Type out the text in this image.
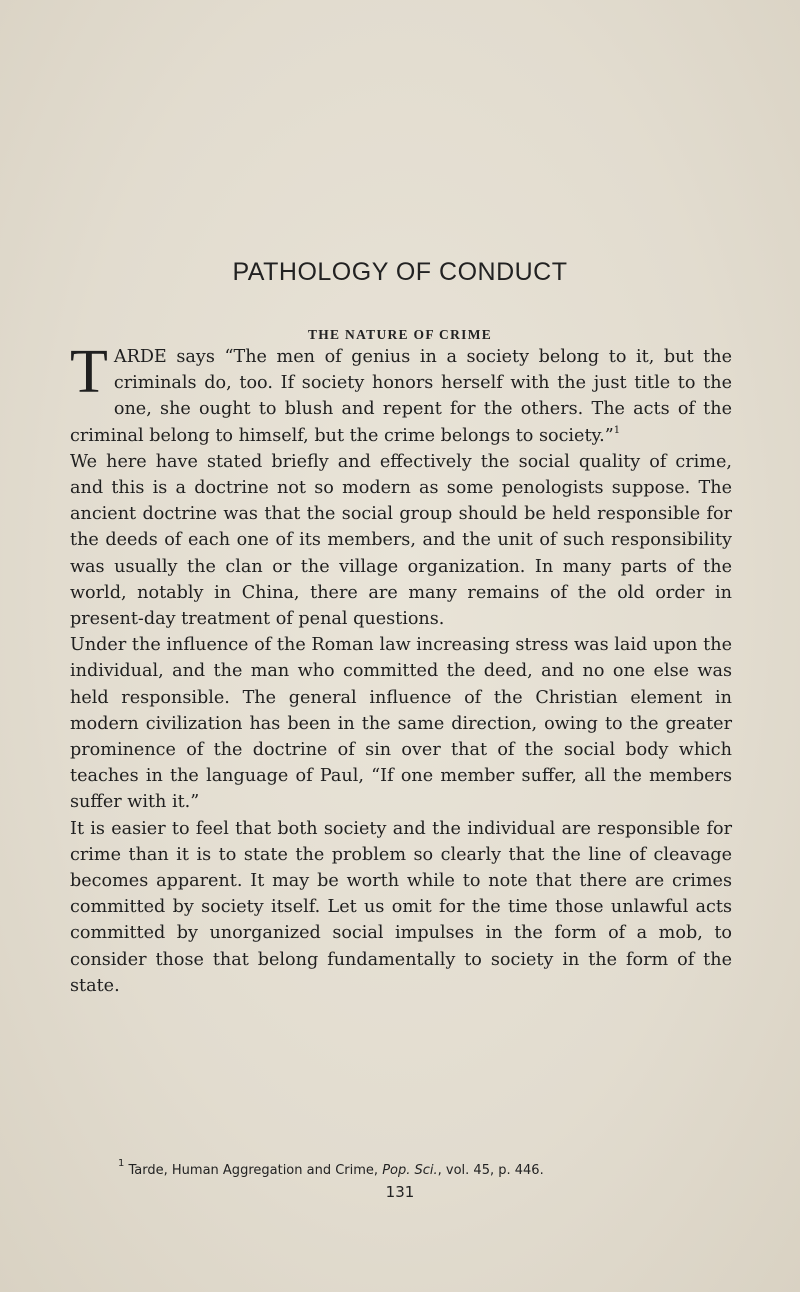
PATHOLOGY OF CONDUCT
THE NATURE OF CRIME

TARDE says “The men of genius in a society belong to it, but the criminals do, too. If society honors herself with the just title to the one, she ought to blush and repent for the others. The acts of the criminal belong to himself, but the crime belongs to society.”$^1$

We here have stated briefly and effectively the social quality of crime, and this is a doctrine not so modern as some penologists suppose. The ancient doctrine was that the social group should be held responsible for the deeds of each one of its members, and the unit of such responsibility was usually the clan or the village organization. In many parts of the world, notably in China, there are many remains of the old order in present-day treatment of penal questions.

Under the influence of the Roman law increasing stress was laid upon the individual, and the man who committed the deed, and no one else was held responsible. The general influence of the Christian element in modern civilization has been in the same direction, owing to the greater prominence of the doctrine of sin over that of the social body which teaches in the language of Paul, “If one member suffer, all the members suffer with it.”

It is easier to feel that both society and the individual are responsible for crime than it is to state the problem so clearly that the line of cleavage becomes apparent. It may be worth while to note that there are crimes committed by society itself. Let us omit for the time those unlawful acts committed by unorganized social impulses in the form of a mob, to consider those that belong fundamentally to society in the form of the state.

$^1$ Tarde, Human Aggregation and Crime, Pop. Sci., vol. 45, p. 446.
131
